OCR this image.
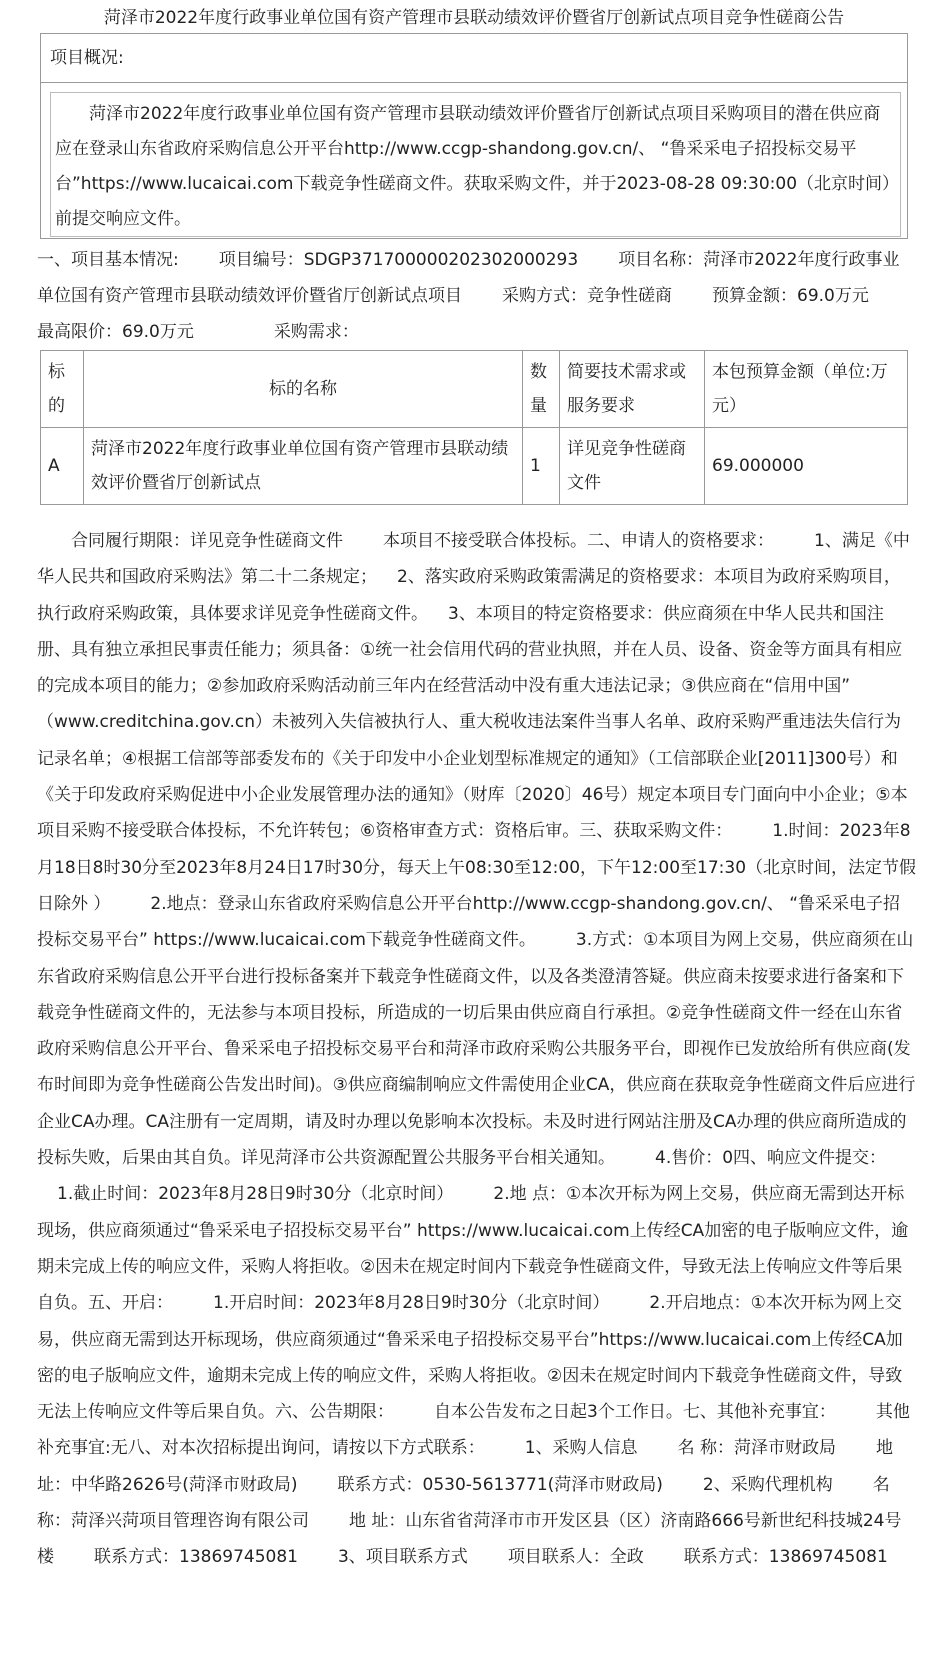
菏泽市2022年度行政事业单位国有资产管理市县联动绩效评价暨省厅创新试点项目竞争性磋商公告
项目概况:
菏泽市2022年度行政事业单位国有资产管理市县联动绩效评价暨省厅创新试点项目采购项目的潜在供应商应在登录山东省政府采购信息公开平台http://www.ccgp-shandong.gov.cn/、 “鲁采采电子招投标交易平台”https://www.lucaicai.com下载竞争性磋商文件。获取采购文件，并于2023-08-28 09:30:00（北京时间）前提交响应文件。
一、项目基本情况: 项目编号：SDGP371700000202302000293 项目名称：菏泽市2022年度行政事业单位国有资产管理市县联动绩效评价暨省厅创新试点项目 采购方式：竞争性磋商 预算金额：69.0万元最高限价：69.0万元	采购需求：
标的	标的名称	数量	简要技术需求或服务要求	本包预算金额（单位:万元）
A	菏泽市2022年度行政事业单位国有资产管理市县联动绩效评价暨省厅创新试点	1	详见竞争性磋商文件	69.000000
合同履行期限：详见竞争性磋商文件 本项目不接受联合体投标。二、申请人的资格要求： 1、满足《中华人民共和国政府采购法》第二十二条规定； 2、落实政府采购政策需满足的资格要求：本项目为政府采购项目，执行政府采购政策，具体要求详见竞争性磋商文件。 3、本项目的特定资格要求：供应商须在中华人民共和国注册、具有独立承担民事责任能力；须具备：①统一社会信用代码的营业执照，并在人员、设备、资金等方面具有相应的完成本项目的能力；②参加政府采购活动前三年内在经营活动中没有重大违法记录；③供应商在“信用中国” （www.creditchina.gov.cn）未被列入失信被执行人、重大税收违法案件当事人名单、政府采购严重违法失信行为记录名单；④根据工信部等部委发布的《关于印发中小企业划型标准规定的通知》（工信部联企业[2011]300号）和《关于印发政府采购促进中小企业发展管理办法的通知》（财库〔2020〕46号）规定本项目专门面向中小企业；⑤本项目采购不接受联合体投标，不允许转包；⑥资格审查方式：资格后审。三、获取采购文件： 1.时间：2023年8月18日8时30分至2023年8月24日17时30分，每天上午08:30至12:00，下午12:00至17:30（北京时间，法定节假日除外 ） 2.地点：登录山东省政府采购信息公开平台http://www.ccgp-shandong.gov.cn/、 “鲁采采电子招投标交易平台” https://www.lucaicai.com下载竞争性磋商文件。 3.方式：①本项目为网上交易，供应商须在山东省政府采购信息公开平台进行投标备案并下载竞争性磋商文件，以及各类澄清答疑。供应商未按要求进行备案和下载竞争性磋商文件的，无法参与本项目投标，所造成的一切后果由供应商自行承担。②竞争性磋商文件一经在山东省政府采购信息公开平台、鲁采采电子招投标交易平台和菏泽市政府采购公共服务平台，即视作已发放给所有供应商(发布时间即为竞争性磋商公告发出时间)。③供应商编制响应文件需使用企业CA，供应商在获取竞争性磋商文件后应进行企业CA办理。CA注册有一定周期，请及时办理以免影响本次投标。未及时进行网站注册及CA办理的供应商所造成的投标失败，后果由其自负。详见菏泽市公共资源配置公共服务平台相关通知。 4.售价：0四、响应文件提交：1.截止时间：2023年8月28日9时30分（北京时间） 2.地 点：①本次开标为网上交易，供应商无需到达开标现场，供应商须通过“鲁采采电子招投标交易平台” https://www.lucaicai.com上传经CA加密的电子版响应文件，逾期未完成上传的响应文件，采购人将拒收。②因未在规定时间内下载竞争性磋商文件，导致无法上传响应文件等后果自负。五、开启： 1.开启时间：2023年8月28日9时30分（北京时间） 2.开启地点：①本次开标为网上交易，供应商无需到达开标现场，供应商须通过“鲁采采电子招投标交易平台”https://www.lucaicai.com上传经CA加密的电子版响应文件，逾期未完成上传的响应文件，采购人将拒收。②因未在规定时间内下载竞争性磋商文件，导致无法上传响应文件等后果自负。六、公告期限： 自本公告发布之日起3个工作日。七、其他补充事宜： 其他补充事宜:无八、对本次招标提出询问，请按以下方式联系： 1、采购人信息 名 称：菏泽市财政局 地 址：中华路2626号(菏泽市财政局) 联系方式：0530-5613771(菏泽市财政局) 2、采购代理机构 名 称：菏泽兴菏项目管理咨询有限公司 地 址：山东省省菏泽市市开发区县（区）济南路666号新世纪科技城24号楼 联系方式：13869745081 3、项目联系方式 项目联系人：全政 联系方式：13869745081
